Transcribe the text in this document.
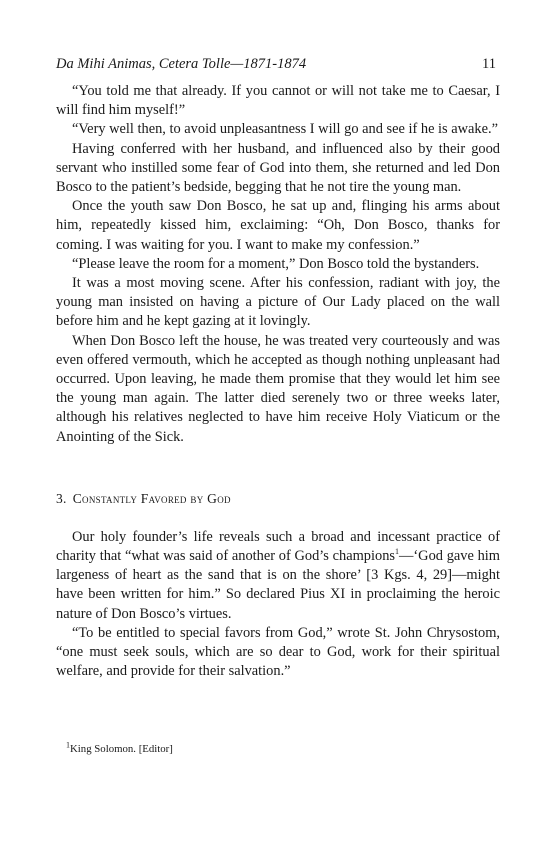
Da Mihi Animas, Cetera Tolle—1871-1874	11

“You told me that already. If you cannot or will not take me to Caesar, I will find him myself!”

“Very well then, to avoid unpleasantness I will go and see if he is awake.”

Having conferred with her husband, and influenced also by their good servant who instilled some fear of God into them, she returned and led Don Bosco to the patient’s bedside, begging that he not tire the young man.

Once the youth saw Don Bosco, he sat up and, flinging his arms about him, repeatedly kissed him, exclaiming: “Oh, Don Bosco, thanks for coming. I was waiting for you. I want to make my confession.”

“Please leave the room for a moment,” Don Bosco told the bystanders.

It was a most moving scene. After his confession, radiant with joy, the young man insisted on having a picture of Our Lady placed on the wall before him and he kept gazing at it lovingly.

When Don Bosco left the house, he was treated very courteously and was even offered vermouth, which he accepted as though nothing unpleasant had occurred. Upon leaving, he made them promise that they would let him see the young man again. The latter died serenely two or three weeks later, although his relatives neglected to have him receive Holy Viaticum or the Anointing of the Sick.

3. Constantly Favored by God

Our holy founder’s life reveals such a broad and incessant practice of charity that “what was said of another of God’s champions$^1$—‘God gave him largeness of heart as the sand that is on the shore’ [3 Kgs. 4, 29]—might have been written for him.” So declared Pius XI in proclaiming the heroic nature of Don Bosco’s virtues.

“To be entitled to special favors from God,” wrote St. John Chrysostom, “one must seek souls, which are so dear to God, work for their spiritual welfare, and provide for their salvation.”

$^1$King Solomon. [Editor]
